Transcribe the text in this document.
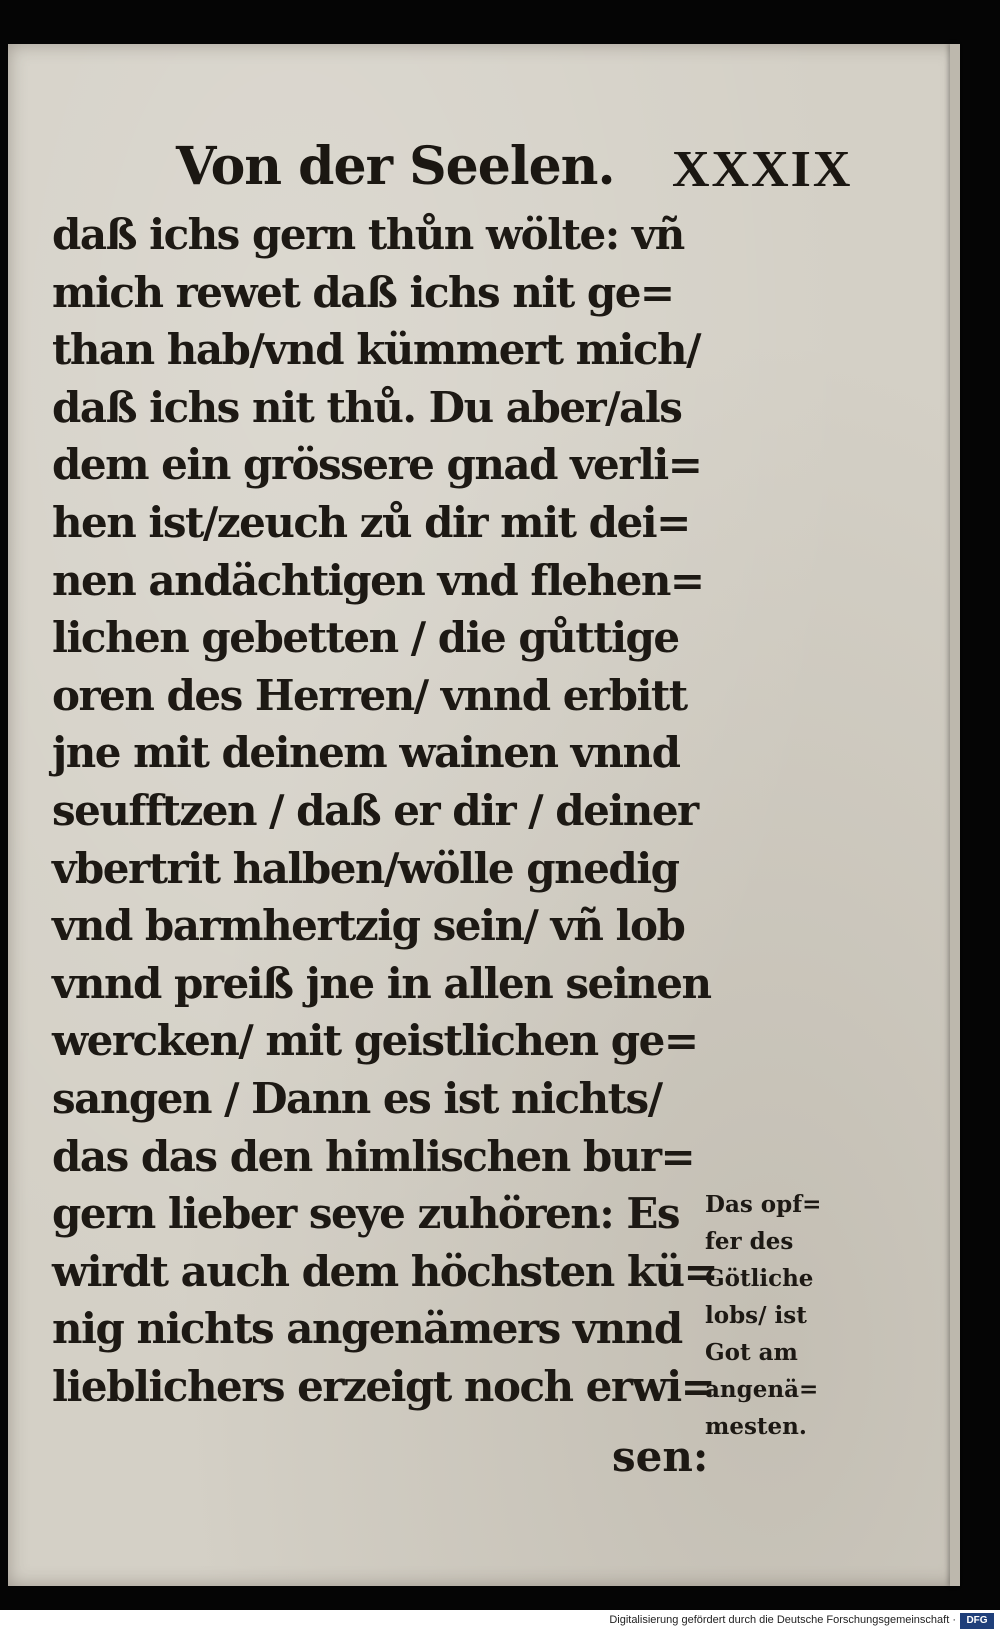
Von der Seelen. XXXIX
daß ichs gern thůn wölte: vñ
mich rewet daß ichs nit ge=
than hab/vnd kümmert mich/
daß ichs nit thů. Du aber/als
dem ein grössere gnad verli=
hen ist/zeuch zů dir mit dei=
nen andächtigen vnd flehen=
lichen gebetten / die gůttige
oren des Herren/ vnnd erbitt
jne mit deinem wainen vnnd
seufftzen / daß er dir / deiner
vbertrit halben/wölle gnedig
vnd barmhertzig sein/ vñ lob
vnnd preiß jne in allen seinen
wercken/ mit geistlichen ge=
sangen / Dann es ist nichts/
das das den himlischen bur=
gern lieber seye zuhören: Es
wirdt auch dem höchsten kü=
nig nichts angenämers vnnd
lieblichers erzeigt noch erwi=
sen:
Das opf=
fer des
Götliche
lobs/ ist
Got am
angenä=
mesten.
Digitalisierung gefördert durch die Deutsche Forschungsgemeinschaft ·	DFG
